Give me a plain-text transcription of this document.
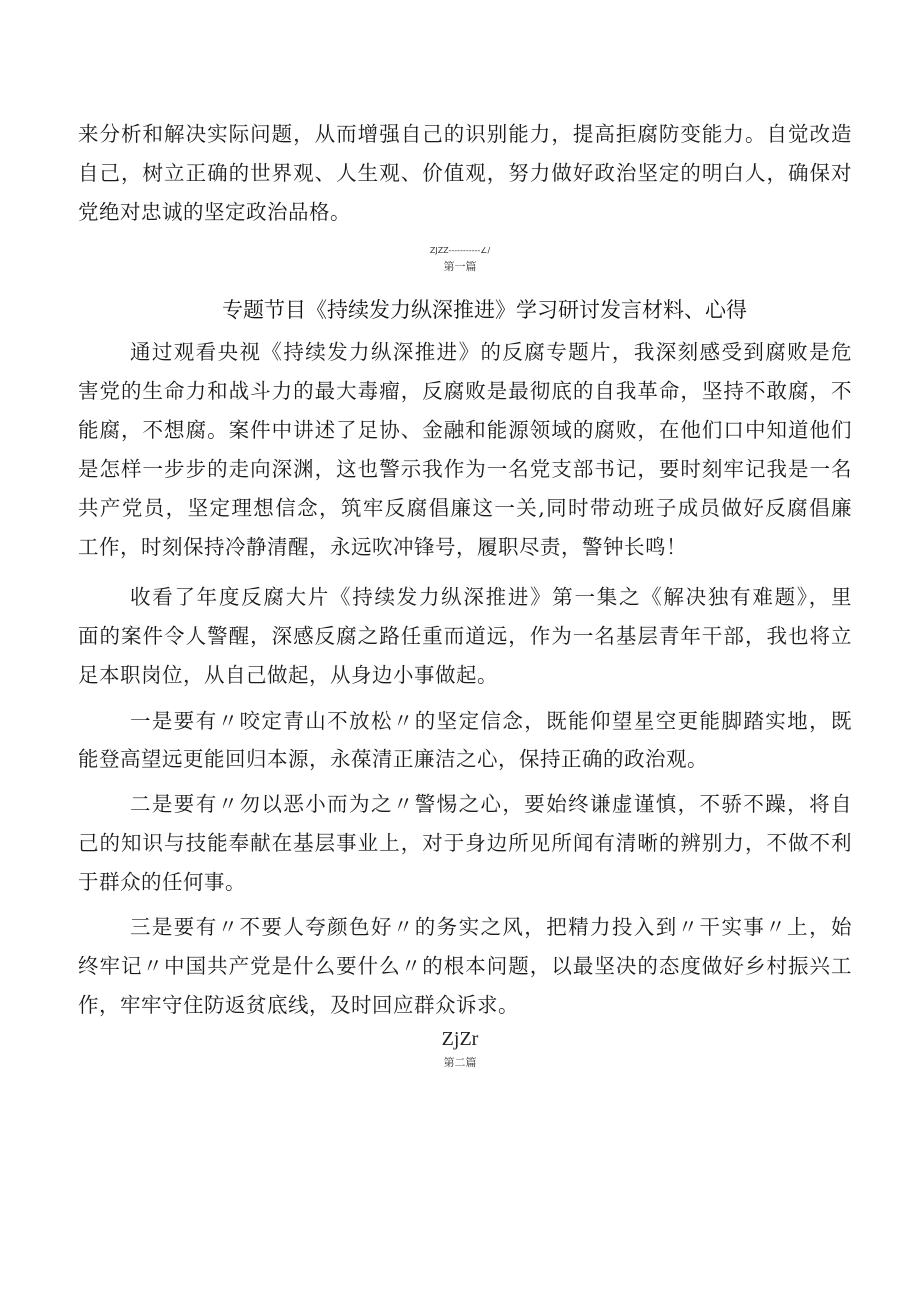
来分析和解决实际问题，从而增强自己的识别能力，提高拒腐防变能力。自觉改造
自己，树立正确的世界观、人生观、价值观，努力做好政治坚定的明白人，确保对
党绝对忠诚的坚定政治品格。
ZJZZ-----------∠/
第一篇
专题节目《持续发力纵深推进》学习研讨发言材料、心得
通过观看央视《持续发力纵深推进》的反腐专题片，我深刻感受到腐败是危
害党的生命力和战斗力的最大毒瘤，反腐败是最彻底的自我革命，坚持不敢腐，不
能腐，不想腐。案件中讲述了足协、金融和能源领域的腐败，在他们口中知道他们
是怎样一步步的走向深渊，这也警示我作为一名党支部书记，要时刻牢记我是一名
共产党员，坚定理想信念，筑牢反腐倡廉这一关,同时带动班子成员做好反腐倡廉
工作，时刻保持冷静清醒，永远吹冲锋号，履职尽责，警钟长鸣！
收看了年度反腐大片《持续发力纵深推进》第一集之《解决独有难题》，里
面的案件令人警醒，深感反腐之路任重而道远，作为一名基层青年干部，我也将立
足本职岗位，从自己做起，从身边小事做起。
一是要有〃咬定青山不放松〃的坚定信念，既能仰望星空更能脚踏实地，既
能登高望远更能回归本源，永葆清正廉洁之心，保持正确的政治观。
二是要有〃勿以恶小而为之〃警惕之心，要始终谦虚谨慎，不骄不躁，将自
己的知识与技能奉献在基层事业上，对于身边所见所闻有清晰的辨别力，不做不利
于群众的任何事。
三是要有〃不要人夸颜色好〃的务实之风，把精力投入到〃干实事〃上，始
终牢记〃中国共产党是什么要什么〃的根本问题，以最坚决的态度做好乡村振兴工
作，牢牢守住防返贫底线，及时回应群众诉求。
ZjZr
第二篇
